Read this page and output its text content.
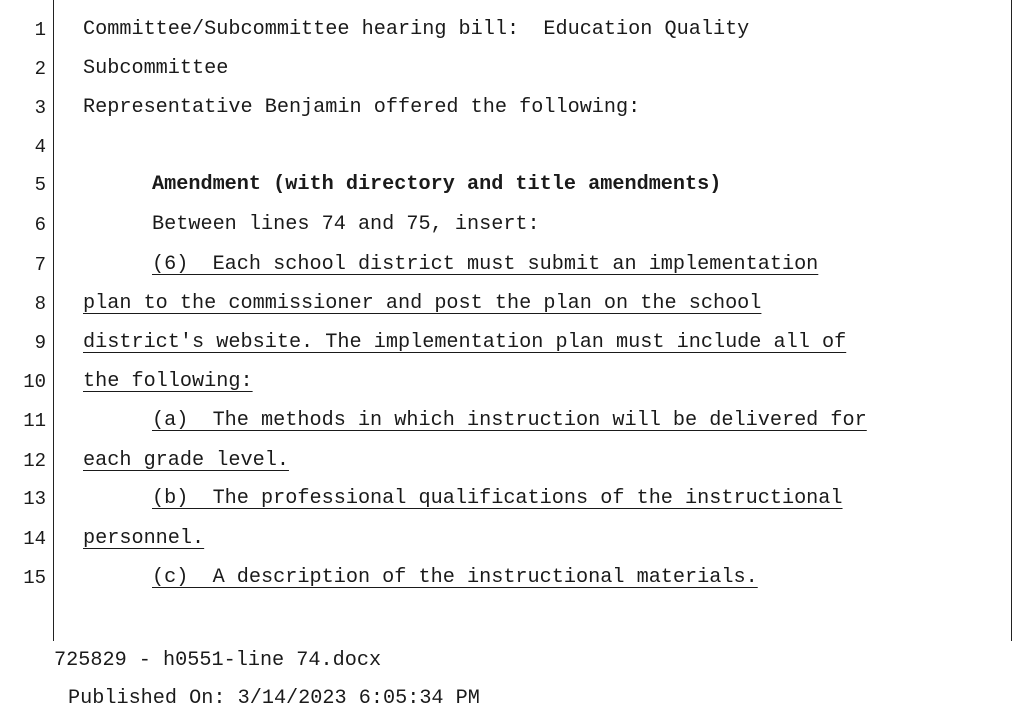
1 Committee/Subcommittee hearing bill:  Education Quality
2 Subcommittee
3 Representative Benjamin offered the following:
4
5	Amendment (with directory and title amendments)
6	Between lines 74 and 75, insert:
7	(6)  Each school district must submit an implementation
8 plan to the commissioner and post the plan on the school
9 district's website. The implementation plan must include all of
10 the following:
11	(a)  The methods in which instruction will be delivered for
12 each grade level.
13	(b)  The professional qualifications of the instructional
14 personnel.
15	(c)  A description of the instructional materials.
725829 - h0551-line 74.docx
Published On: 3/14/2023 6:05:34 PM
